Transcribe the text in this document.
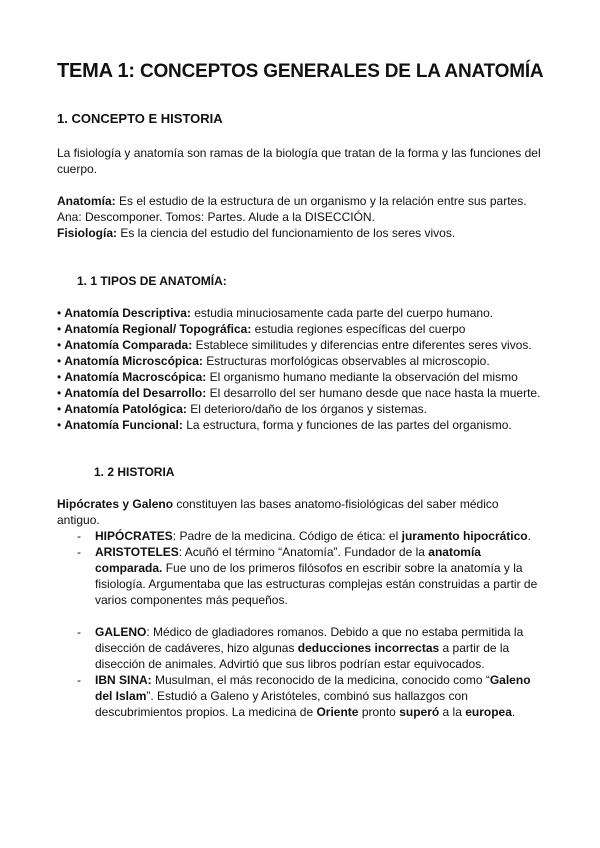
TEMA 1: CONCEPTOS GENERALES DE LA ANATOMÍA
1. CONCEPTO E HISTORIA

La fisiología y anatomía son ramas de la biología que tratan de la forma y las funciones del cuerpo.

Anatomía: Es el estudio de la estructura de un organismo y la relación entre sus partes.
Ana: Descomponer. Tomos: Partes. Alude a la DISECCIÓN.
Fisiología: Es la ciencia del estudio del funcionamiento de los seres vivos.
1. 1 TIPOS DE ANATOMÍA:
• Anatomía Descriptiva: estudia minuciosamente cada parte del cuerpo humano.
• Anatomía Regional/ Topográfica: estudia regiones específicas del cuerpo
• Anatomía Comparada: Establece similitudes y diferencias entre diferentes seres vivos.
• Anatomía Microscópica: Estructuras morfológicas observables al microscopio.
• Anatomía Macroscópica: El organismo humano mediante la observación del mismo
• Anatomía del Desarrollo: El desarrollo del ser humano desde que nace hasta la muerte.
• Anatomía Patológica: El deterioro/daño de los órganos y sistemas.
• Anatomía Funcional: La estructura, forma y funciones de las partes del organismo.
1. 2 HISTORIA

Hipócrates y Galeno constituyen las bases anatomo-fisiológicas del saber médico antiguo.

- HIPÓCRATES: Padre de la medicina. Código de ética: el juramento hipocrático.
- ARISTOTELES: Acuñó el término “Anatomía”. Fundador de la anatomía comparada. Fue uno de los primeros filósofos en escribir sobre la anatomía y la fisiología. Argumentaba que las estructuras complejas están construidas a partir de varios componentes más pequeños.
- GALENO: Médico de gladiadores romanos. Debido a que no estaba permitida la disección de cadáveres, hizo algunas deducciones incorrectas a partir de la disección de animales. Advirtió que sus libros podrían estar equivocados.
- IBN SINA: Musulman, el más reconocido de la medicina, conocido como “Galeno del Islam”. Estudió a Galeno y Aristóteles, combinó sus hallazgos con descubrimientos propios. La medicina de Oriente pronto superó a la europea.
